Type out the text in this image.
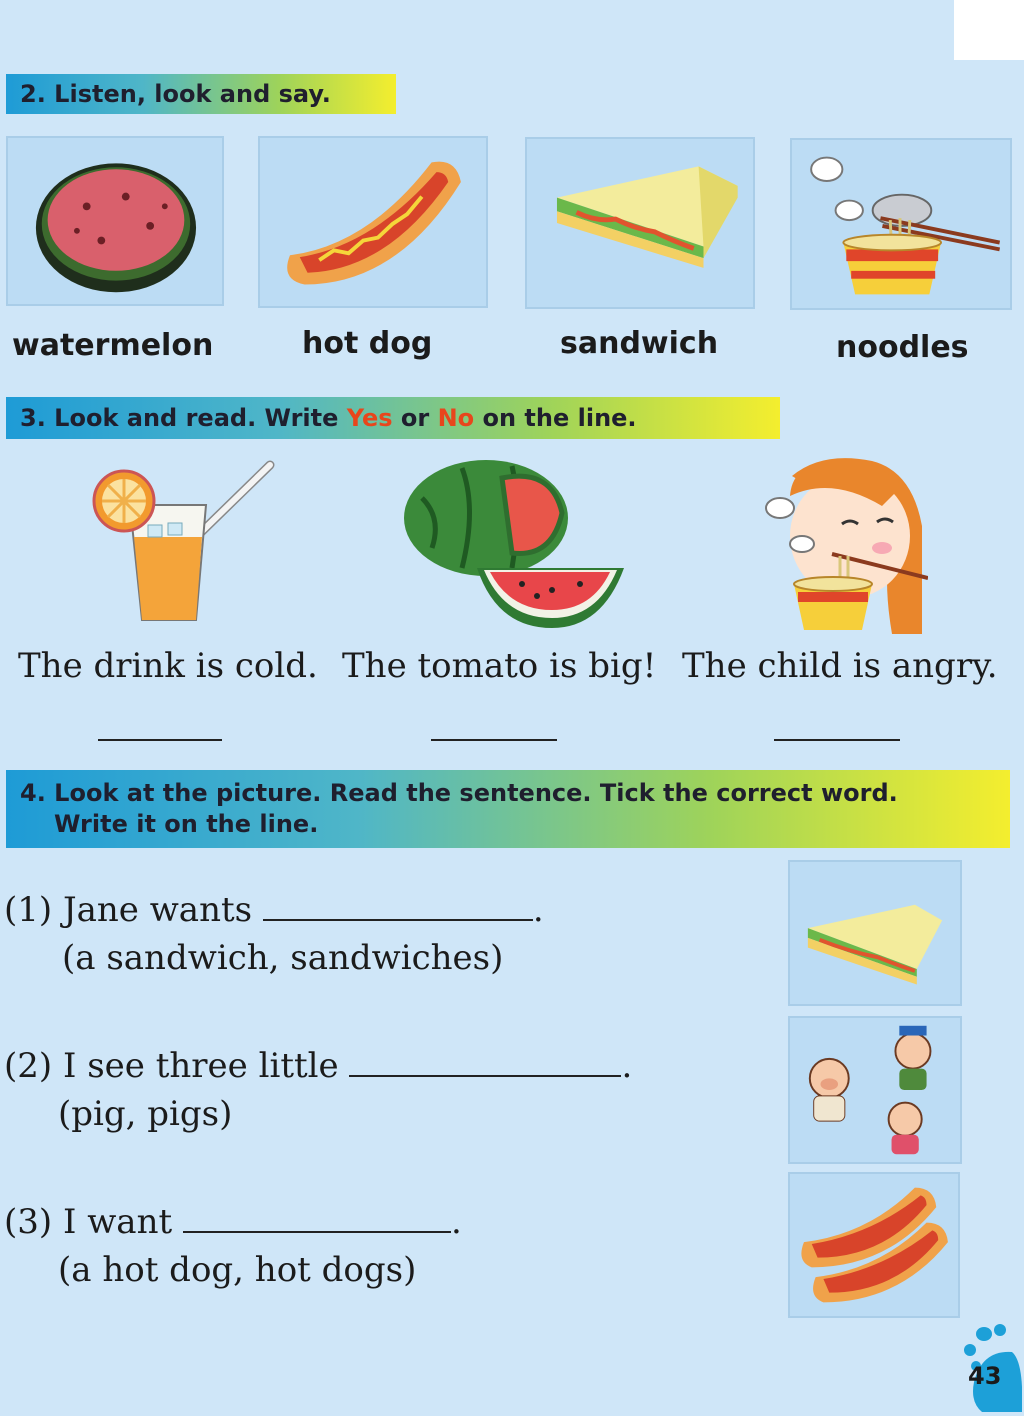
2. Listen, look and say.
watermelon	hot dog	sandwich	noodles
3. Look and read. Write Yes or No on the line.
The drink is cold. The tomato is big! The child is angry.
4. Look at the picture. Read the sentence. Tick the correct word.
Write it on the line.
(1) Jane wants	.
(a sandwich, sandwiches)
(2) I see three little	.
(pig, pigs)
(3) I want	.
(a hot dog, hot dogs)
43
